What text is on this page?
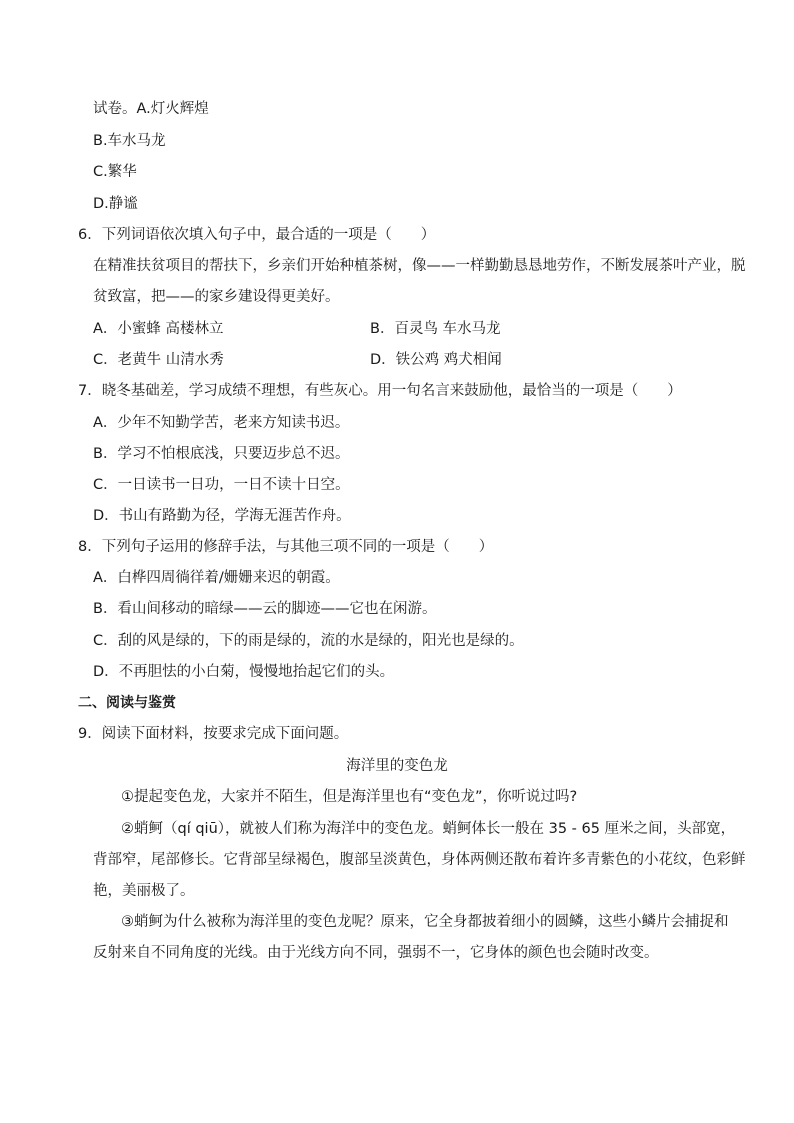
试卷。A.灯火辉煌
B.车水马龙
C.繁华
D.静谧
6．下列词语依次填入句子中，最合适的一项是（　　）
在精准扶贫项目的帮扶下，乡亲们开始种植茶树，像——一样勤勤恳恳地劳作，不断发展茶叶产业，脱
贫致富，把——的家乡建设得更美好。
A．小蜜蜂 高楼林立	B．百灵鸟 车水马龙
C．老黄牛 山清水秀	D．铁公鸡 鸡犬相闻
7．晓冬基础差，学习成绩不理想，有些灰心。用一句名言来鼓励他，最恰当的一项是（　　）
A．少年不知勤学苦，老来方知读书迟。
B．学习不怕根底浅，只要迈步总不迟。
C．一日读书一日功，一日不读十日空。
D．书山有路勤为径，学海无涯苦作舟。
8．下列句子运用的修辞手法，与其他三项不同的一项是（　　）
A．白桦四周徜徉着/姗姗来迟的朝霞。
B．看山间移动的暗绿——云的脚迹——它也在闲游。
C．刮的风是绿的，下的雨是绿的，流的水是绿的，阳光也是绿的。
D．不再胆怯的小白菊，慢慢地抬起它们的头。
二、阅读与鉴赏
9．阅读下面材料，按要求完成下面问题。
海洋里的变色龙
①提起变色龙，大家并不陌生，但是海洋里也有“变色龙”，你听说过吗?
②蛸鲄（qí qiū），就被人们称为海洋中的变色龙。蛸鲄体长一般在 35 - 65 厘米之间，头部宽，
背部窄，尾部修长。它背部呈绿褐色，腹部呈淡黄色，身体两侧还散布着许多青紫色的小花纹，色彩鲜
艳，美丽极了。
③蛸鲄为什么被称为海洋里的变色龙呢？原来，它全身都披着细小的圆鳞，这些小鳞片会捕捉和
反射来自不同角度的光线。由于光线方向不同，强弱不一，它身体的颜色也会随时改变。
